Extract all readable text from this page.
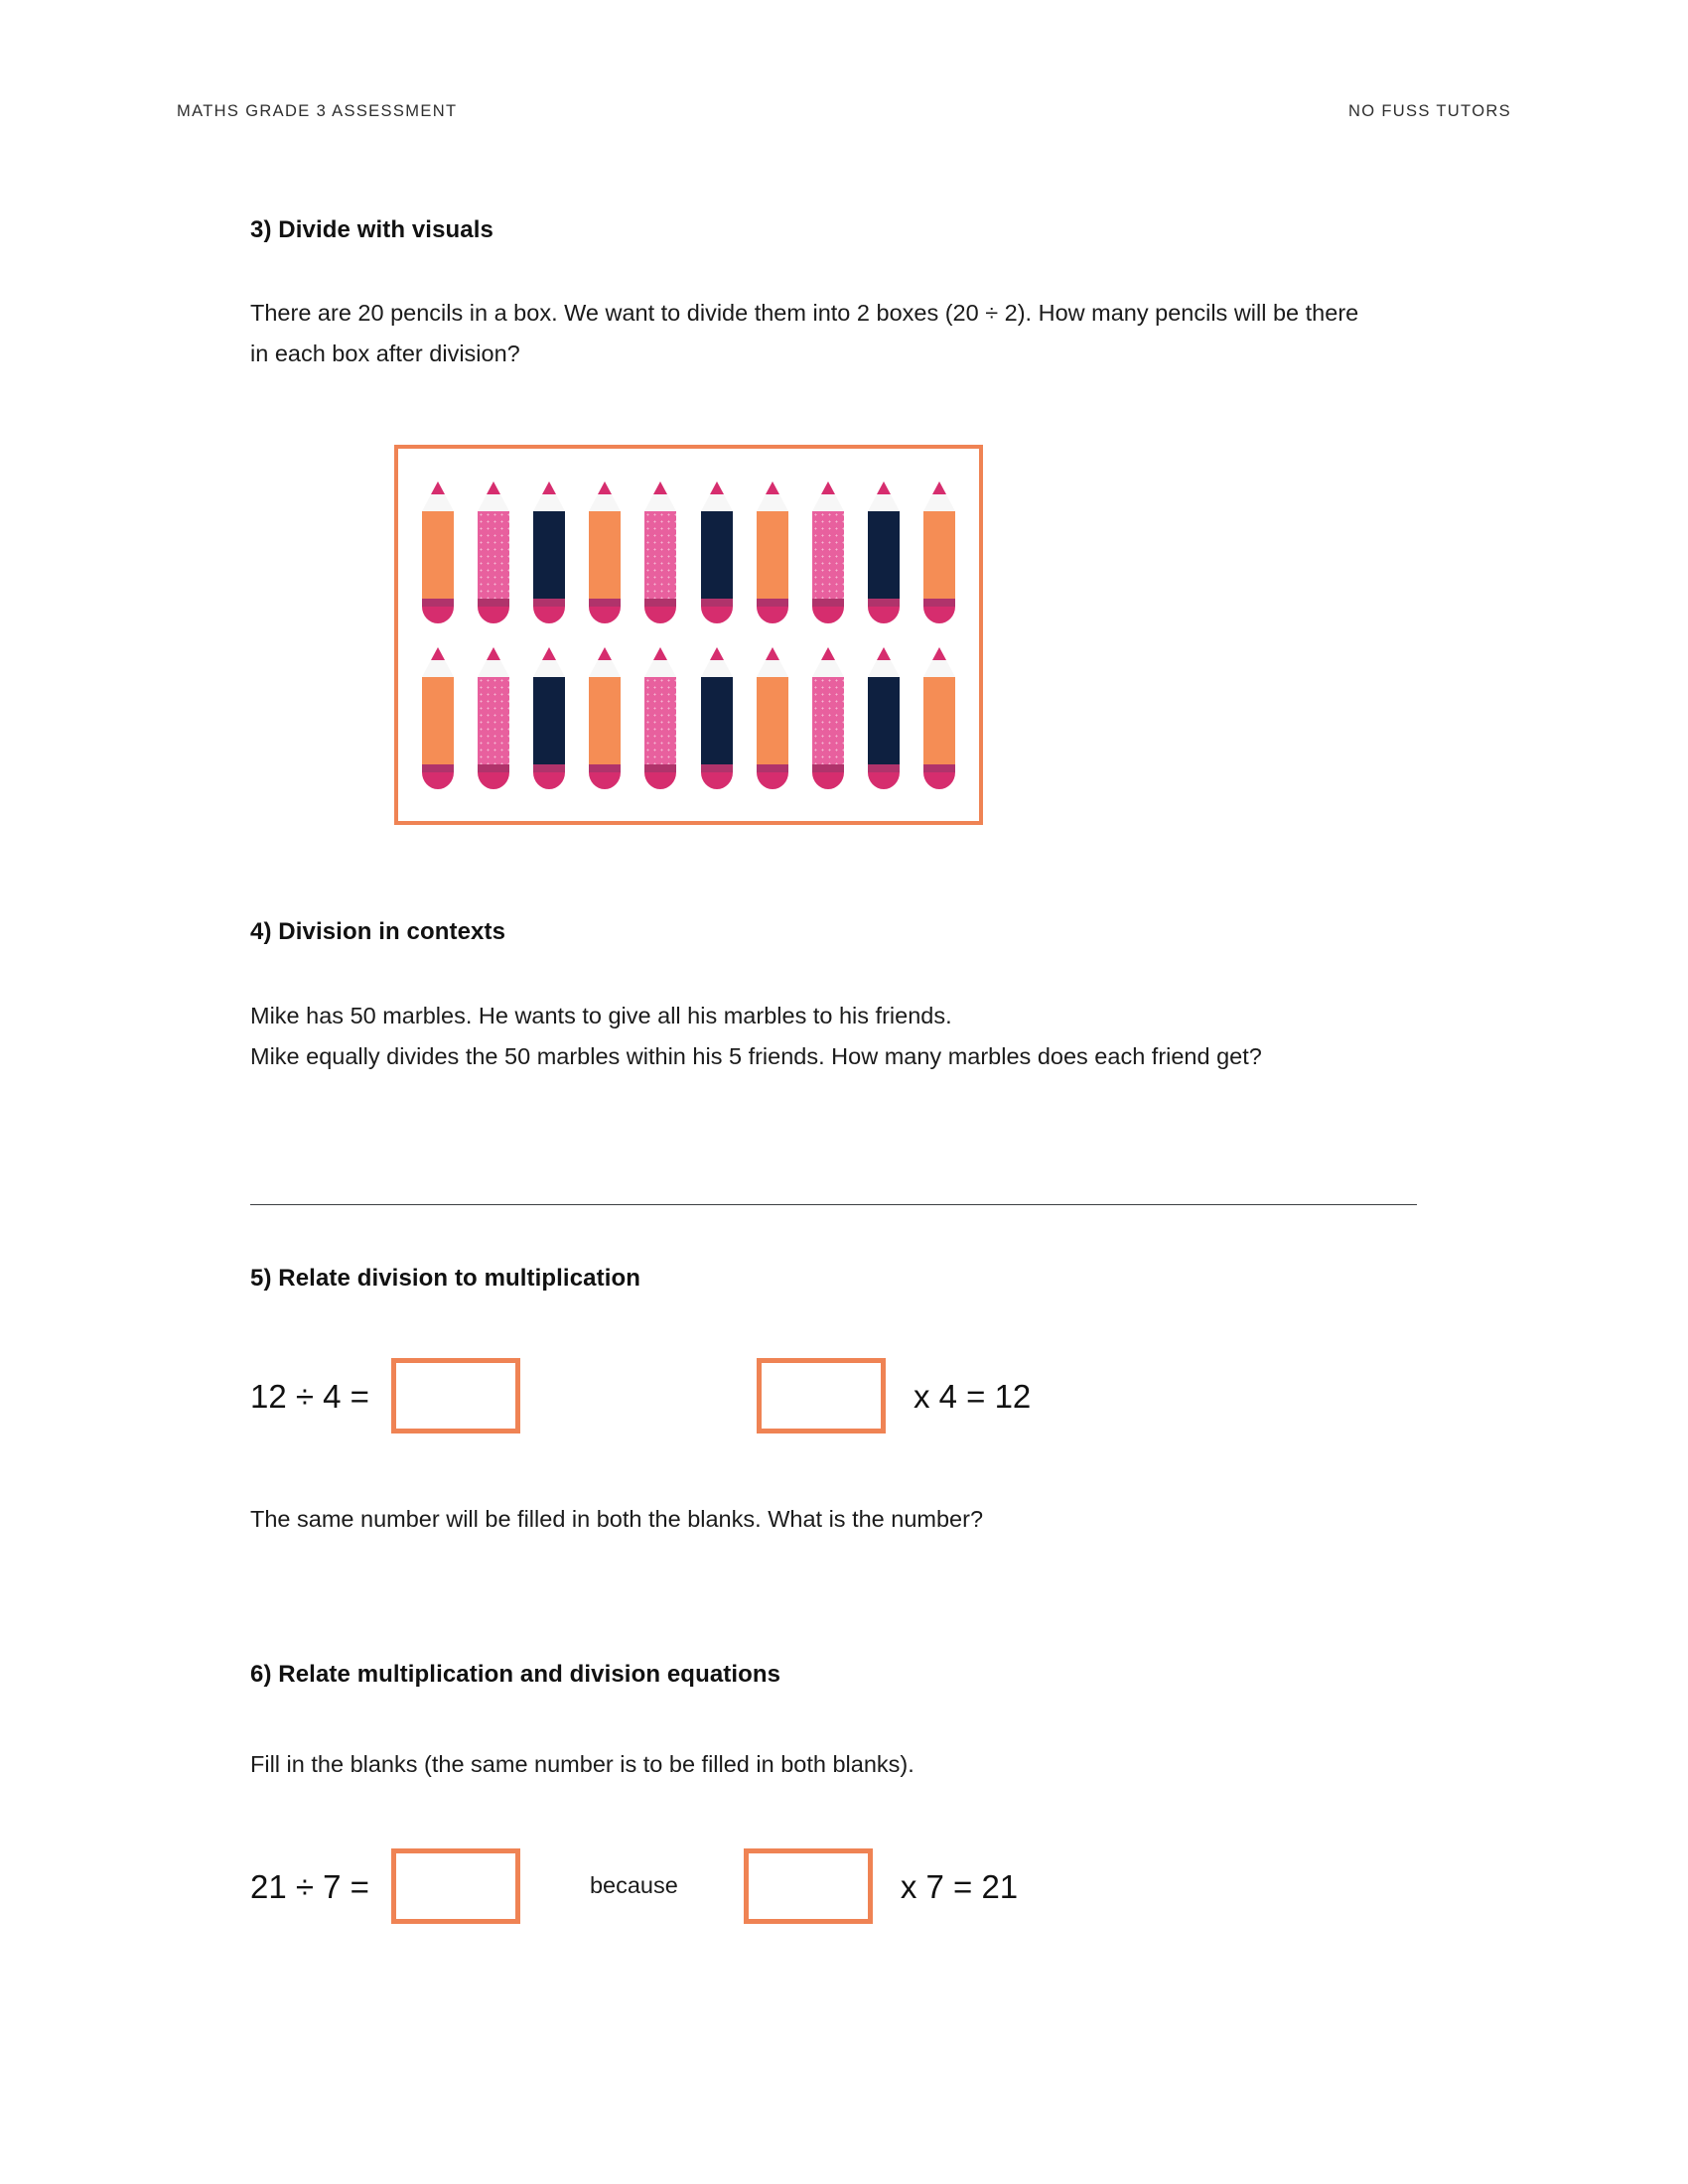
MATHS GRADE 3 ASSESSMENT	NO FUSS TUTORS
3) Divide with visuals

There are 20 pencils in a box. We want to divide them into 2 boxes (20 ÷ 2). How many pencils will be there in each box after division?

4) Division in contexts

Mike has 50 marbles. He wants to give all his marbles to his friends.

Mike equally divides the 50 marbles within his 5 friends. How many marbles does each friend get?

5) Relate division to multiplication
12 ÷ 4 =	x 4 = 12

The same number will be filled in both the blanks. What is the number?

6) Relate multiplication and division equations

Fill in the blanks (the same number is to be filled in both blanks).

21 ÷ 7 =	because	x 7 = 21
